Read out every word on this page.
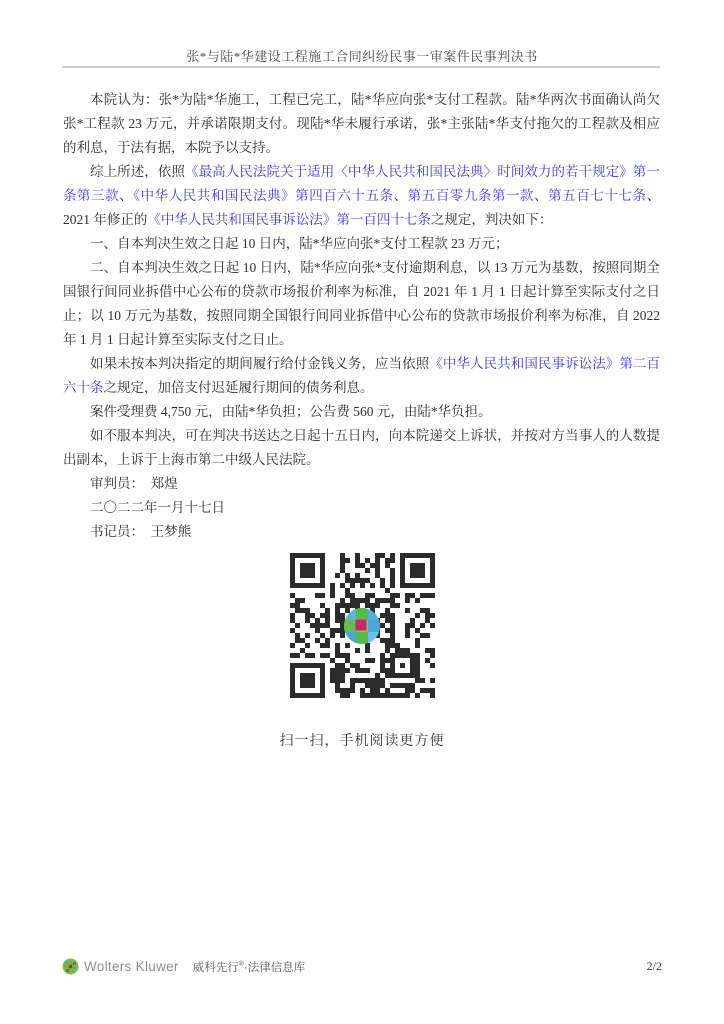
张*与陆*华建设工程施工合同纠纷民事一审案件民事判决书

本院认为：张*为陆*华施工，工程已完工，陆*华应向张*支付工程款。陆*华两次书面确认尚欠张*工程款 23 万元，并承诺限期支付。现陆*华未履行承诺，张*主张陆*华支付拖欠的工程款及相应的利息，于法有据，本院予以支持。

综上所述，依照《最高人民法院关于适用〈中华人民共和国民法典〉时间效力的若干规定》第一条第三款、《中华人民共和国民法典》第四百六十五条、第五百零九条第一款、第五百七十七条、2021 年修正的《中华人民共和国民事诉讼法》第一百四十七条之规定，判决如下：

一、自本判决生效之日起 10 日内，陆*华应向张*支付工程款 23 万元；

二、自本判决生效之日起 10 日内，陆*华应向张*支付逾期利息，以 13 万元为基数，按照同期全国银行间同业拆借中心公布的贷款市场报价利率为标准，自 2021 年 1 月 1 日起计算至实际支付之日止；以 10 万元为基数，按照同期全国银行间同业拆借中心公布的贷款市场报价利率为标准，自 2022 年 1 月 1 日起计算至实际支付之日止。

如果未按本判决指定的期间履行给付金钱义务，应当依照《中华人民共和国民事诉讼法》第二百六十条之规定，加倍支付迟延履行期间的债务利息。

案件受理费 4,750 元，由陆*华负担；公告费 560 元，由陆*华负担。

如不服本判决，可在判决书送达之日起十五日内，向本院递交上诉状，并按对方当事人的人数提出副本，上诉于上海市第二中级人民法院。

审判员：　郑煌

二〇二二年一月十七日

书记员：　王梦熊

扫一扫，手机阅读更方便
Wolters Kluwer 威科先行®·法律信息库	2/2
